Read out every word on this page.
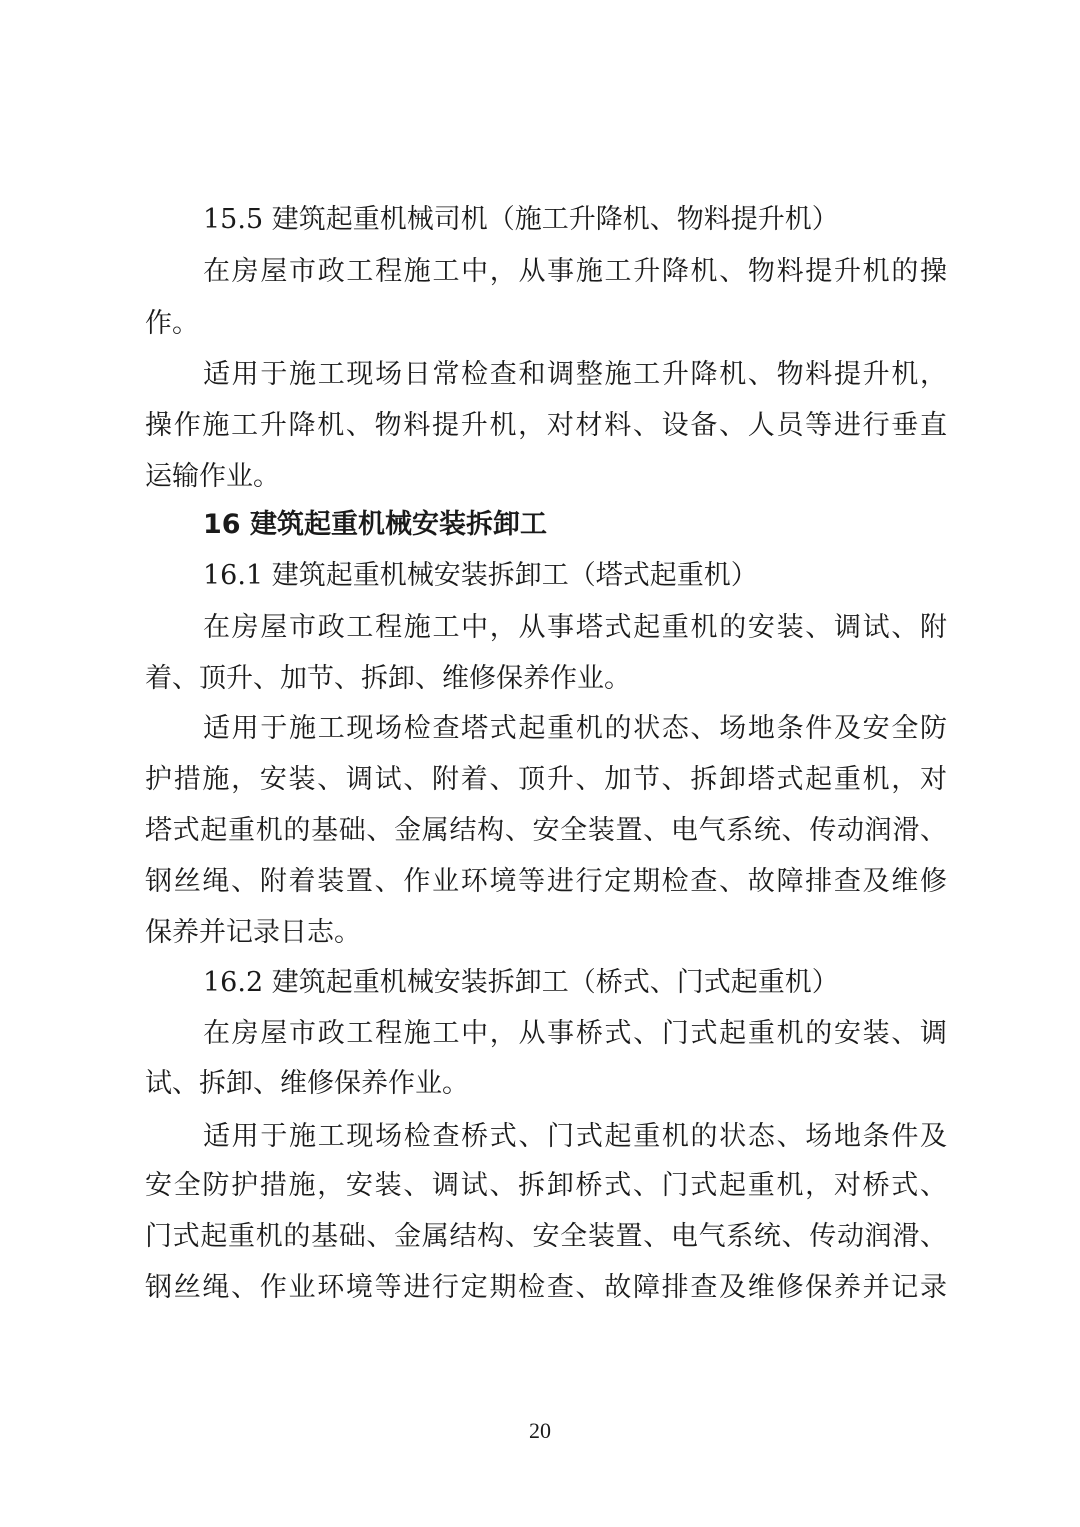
15.5 建筑起重机械司机（施工升降机、物料提升机）
在房屋市政工程施工中，从事施工升降机、物料提升机的操
作。
适用于施工现场日常检查和调整施工升降机、物料提升机，
操作施工升降机、物料提升机，对材料、设备、人员等进行垂直
运输作业。
16 建筑起重机械安装拆卸工
16.1 建筑起重机械安装拆卸工（塔式起重机）
在房屋市政工程施工中，从事塔式起重机的安装、调试、附
着、顶升、加节、拆卸、维修保养作业。
适用于施工现场检查塔式起重机的状态、场地条件及安全防
护措施，安装、调试、附着、顶升、加节、拆卸塔式起重机，对
塔式起重机的基础、金属结构、安全装置、电气系统、传动润滑、
钢丝绳、附着装置、作业环境等进行定期检查、故障排查及维修
保养并记录日志。
16.2 建筑起重机械安装拆卸工（桥式、门式起重机）
在房屋市政工程施工中，从事桥式、门式起重机的安装、调
试、拆卸、维修保养作业。
适用于施工现场检查桥式、门式起重机的状态、场地条件及
安全防护措施，安装、调试、拆卸桥式、门式起重机，对桥式、
门式起重机的基础、金属结构、安全装置、电气系统、传动润滑、
钢丝绳、作业环境等进行定期检查、故障排查及维修保养并记录
20
